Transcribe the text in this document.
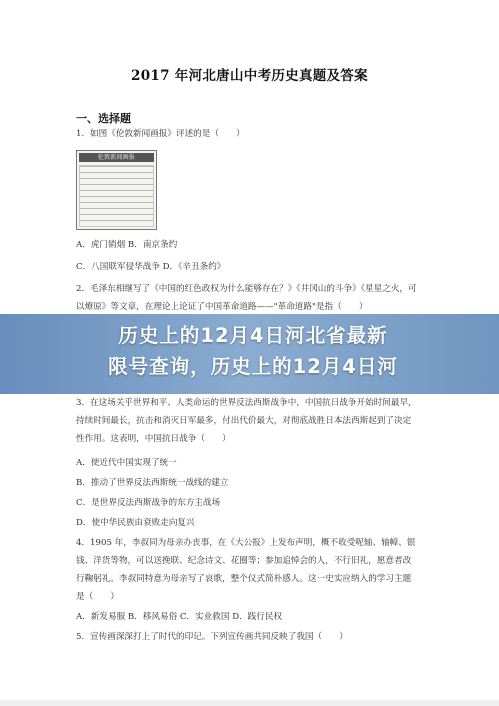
2017 年河北唐山中考历史真题及答案
一、选择题
1．如图《伦敦新闻画报》评述的是（　　）
伦敦新闻画报
A．虎门销烟 B．南京条约
C．八国联军侵华战争 D．《辛丑条约》
2．毛泽东相继写了《中国的红色政权为什么能够存在？》《井冈山的斗争》《星星之火，可
以燎原》等文章，在理论上论证了中国革命道路——"革命道路"是指（　　）
3．在这场关乎世界和平、人类命运的世界反法西斯战争中，中国抗日战争开始时间最早，
持续时间最长，抗击和消灭日军最多，付出代价最大，对彻底战胜日本法西斯起到了决定
性作用。这表明，中国抗日战争（　　）
A．使近代中国实现了统一
B．推动了世界反法西斯统一战线的建立
C．是世界反法西斯战争的东方主战场
D．使中华民族由衰败走向复兴
4．1905 年，李叔同为母亲办丧事，在《大公报》上发布声明，概不收受呢轴、轴幛、银
钱、洋货等物，可以送挽联、纪念诗文、花圈等；参加追悼会的人，不行旧礼，愿意者改
行鞠躬礼。李叔同特意为母亲写了哀歌，整个仪式简朴感人。这一史实应纳入的学习主题
是（　　）
A．新发易服 B．移风易俗 C．实业救国 D．践行民权
5．宣传画深深打上了时代的印记。下列宣传画共同反映了我国（　　）
历史上的12月4日河北省最新
限号查询，历史上的12月4日河
